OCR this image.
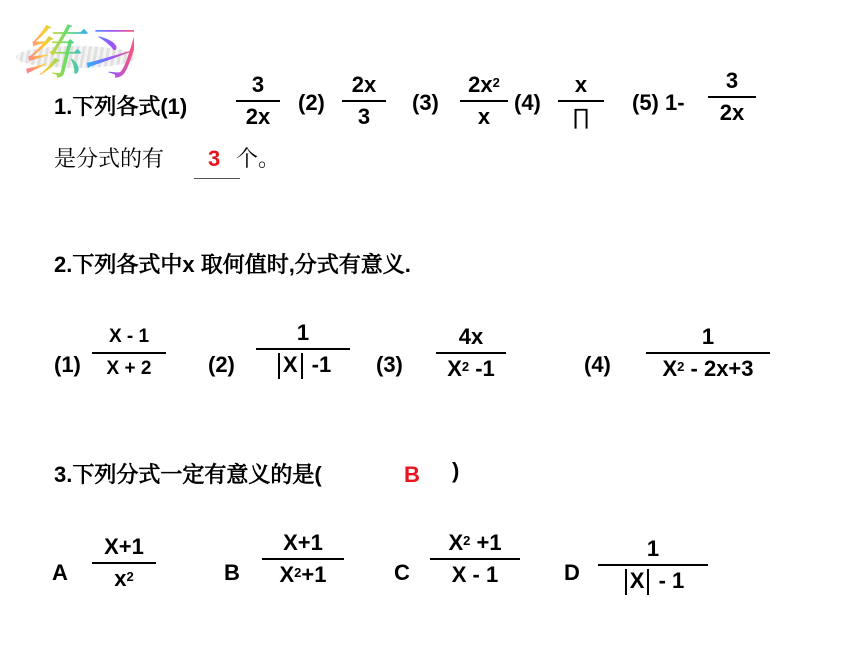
练习
1.下列各式(1)
3
2x
(2)
2x
3
(3)
$2x^2$
x
(4)
x
∏
(5) 1-
3
2x
是分式的有 3 个。
2.下列各式中x 取何值时,分式有意义.
(1)
X - 1
X + 2	(2)
1
X -1	(3)
4x
$X^2$ -1	(4)
1
$X^2 - 2x+3$
3.下列分式一定有意义的是(	B )
A
X+1
$x^2$	B
X+1
$X^2+1$	C
$X^2 +1$
X - 1	D
1
X - 1
